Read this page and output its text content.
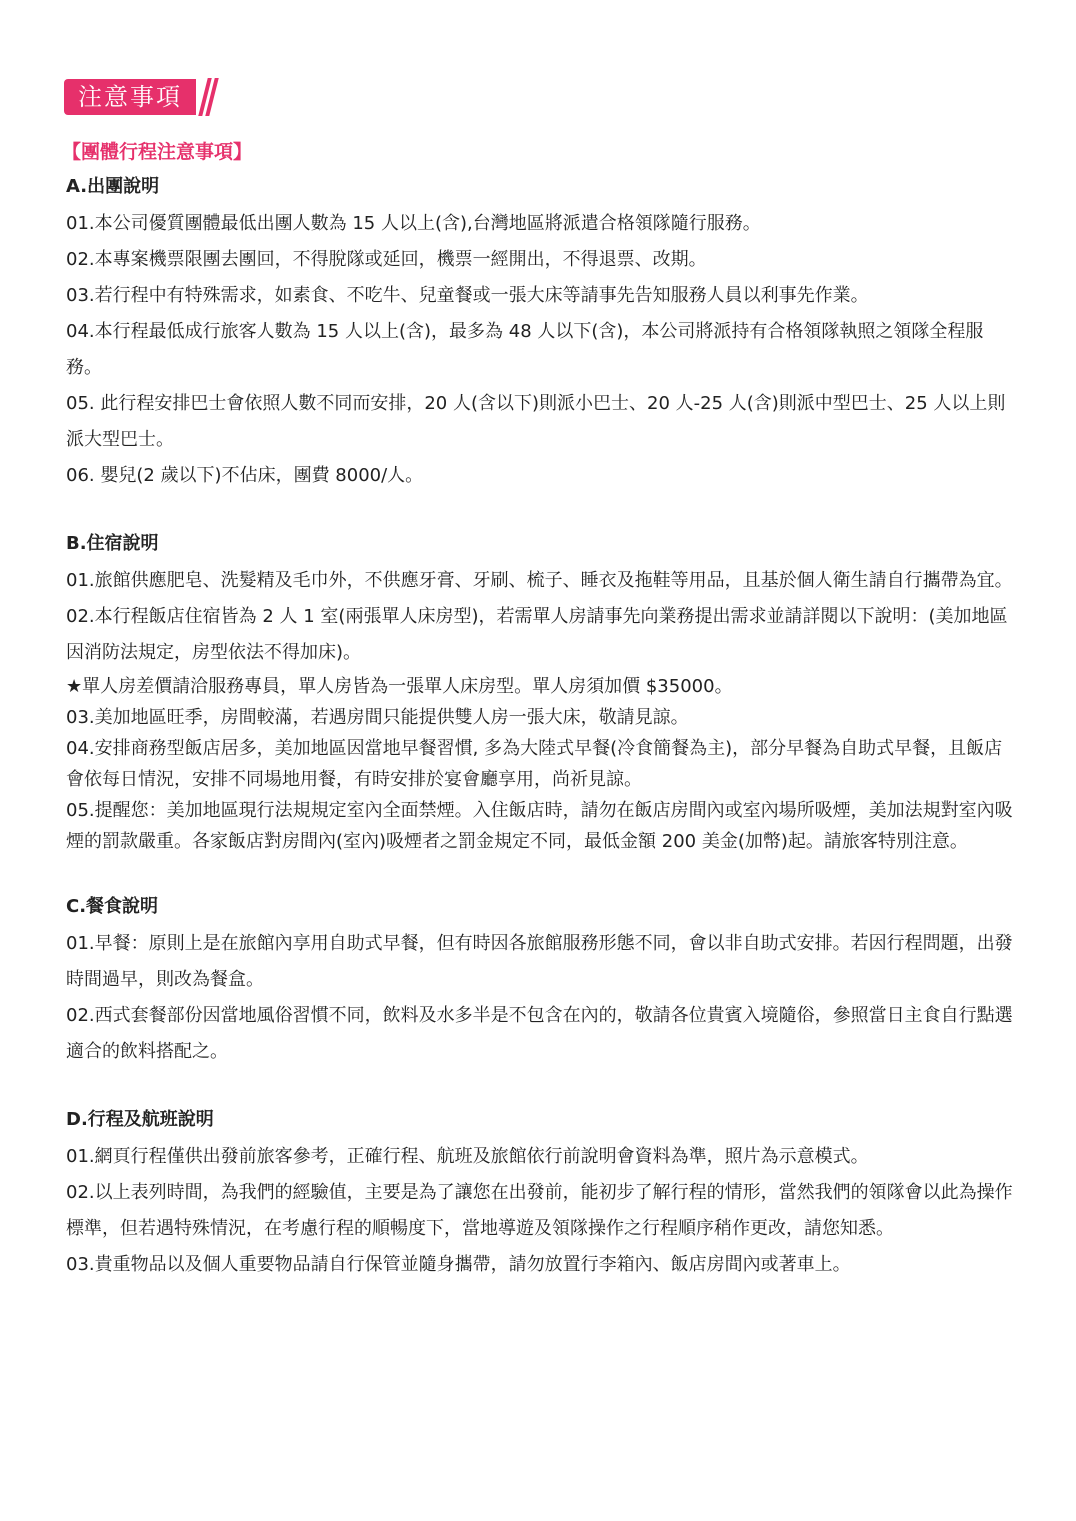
注意事項
【團體行程注意事項】
A.出團說明

01.本公司優質團體最低出團人數為 15 人以上(含),台灣地區將派遣合格領隊隨行服務。

02.本專案機票限團去團回，不得脫隊或延回，機票一經開出，不得退票、改期。

03.若行程中有特殊需求，如素食、不吃牛、兒童餐或一張大床等請事先告知服務人員以利事先作業。

04.本行程最低成行旅客人數為 15 人以上(含)，最多為 48 人以下(含)，本公司將派持有合格領隊執照之領隊全程服務。

05. 此行程安排巴士會依照人數不同而安排，20 人(含以下)則派小巴士、20 人-25 人(含)則派中型巴士、25 人以上則派大型巴士。

06. 嬰兒(2 歲以下)不佔床，團費 8000/人。

B.住宿說明

01.旅館供應肥皂、洗髮精及毛巾外，不供應牙膏、牙刷、梳子、睡衣及拖鞋等用品，且基於個人衛生請自行攜帶為宜。

02.本行程飯店住宿皆為 2 人 1 室(兩張單人床房型)，若需單人房請事先向業務提出需求並請詳閱以下說明：(美加地區因消防法規定，房型依法不得加床)。

★單人房差價請洽服務專員，單人房皆為一張單人床房型。單人房須加價 $35000。

03.美加地區旺季，房間較滿，若遇房間只能提供雙人房一張大床，敬請見諒。

04.安排商務型飯店居多，美加地區因當地早餐習慣, 多為大陸式早餐(冷食簡餐為主)，部分早餐為自助式早餐，且飯店會依每日情況，安排不同場地用餐，有時安排於宴會廳享用，尚祈見諒。

05.提醒您：美加地區現行法規規定室內全面禁煙。入住飯店時，請勿在飯店房間內或室內場所吸煙，美加法規對室內吸煙的罰款嚴重。各家飯店對房間內(室內)吸煙者之罰金規定不同，最低金額 200 美金(加幣)起。請旅客特別注意。

C.餐食說明

01.早餐：原則上是在旅館內享用自助式早餐，但有時因各旅館服務形態不同，會以非自助式安排。若因行程問題，出發時間過早，則改為餐盒。

02.西式套餐部份因當地風俗習慣不同，飲料及水多半是不包含在內的，敬請各位貴賓入境隨俗，參照當日主食自行點選適合的飲料搭配之。

D.行程及航班說明

01.網頁行程僅供出發前旅客參考，正確行程、航班及旅館依行前說明會資料為準，照片為示意模式。

02.以上表列時間，為我們的經驗值，主要是為了讓您在出發前，能初步了解行程的情形，當然我們的領隊會以此為操作標準，但若遇特殊情況，在考慮行程的順暢度下，當地導遊及領隊操作之行程順序稍作更改，請您知悉。

03.貴重物品以及個人重要物品請自行保管並隨身攜帶，請勿放置行李箱內、飯店房間內或著車上。
